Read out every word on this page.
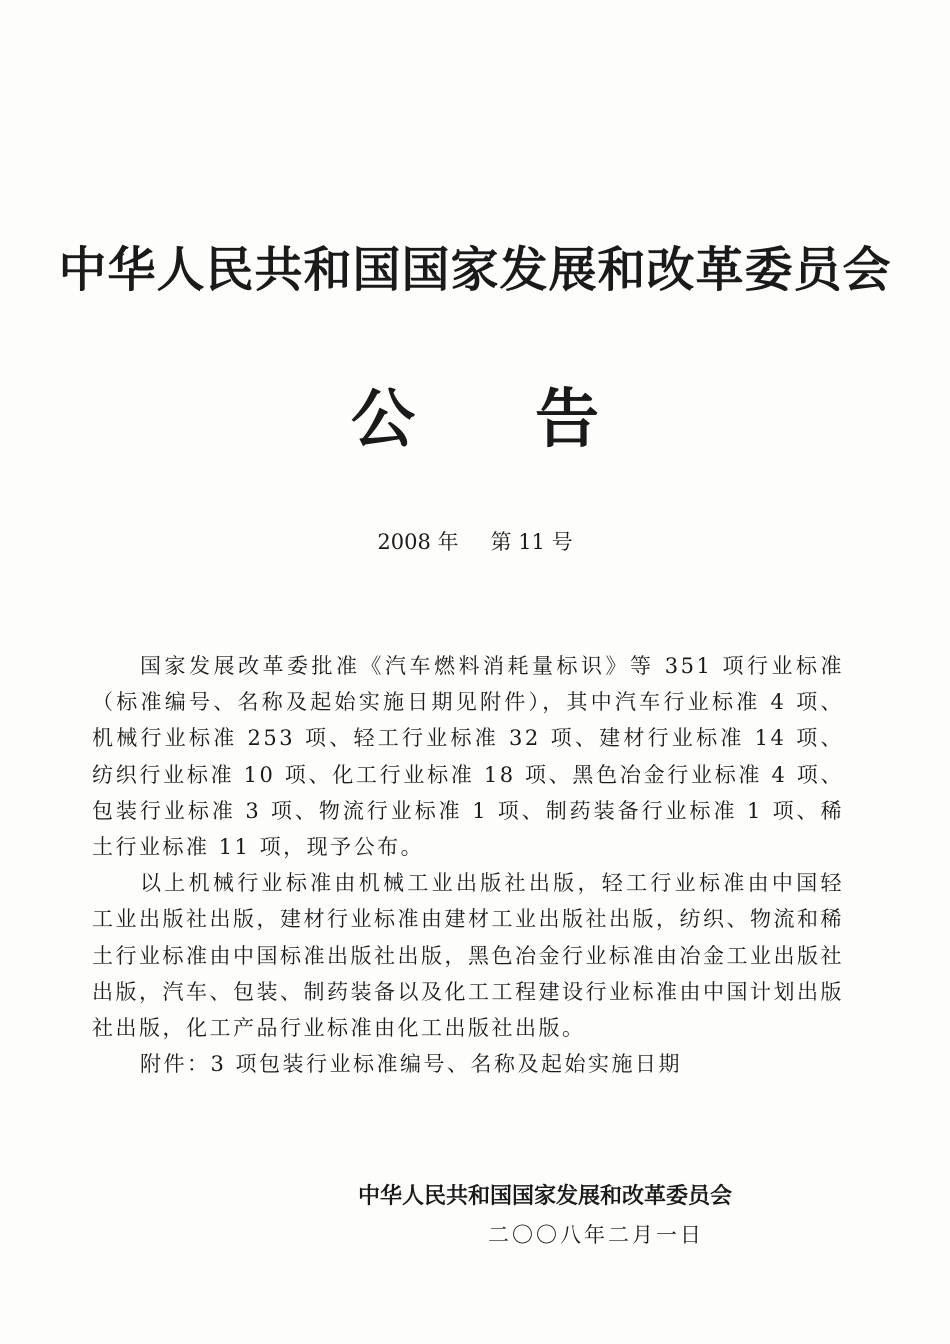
中华人民共和国国家发展和改革委员会
公告
2008 年 第 11 号

国家发展改革委批准《汽车燃料消耗量标识》等 351 项行业标准（标准编号、名称及起始实施日期见附件），其中汽车行业标准 4 项、机械行业标准 253 项、轻工行业标准 32 项、建材行业标准 14 项、纺织行业标准 10 项、化工行业标准 18 项、黑色冶金行业标准 4 项、包装行业标准 3 项、物流行业标准 1 项、制药装备行业标准 1 项、稀土行业标准 11 项，现予公布。

以上机械行业标准由机械工业出版社出版，轻工行业标准由中国轻工业出版社出版，建材行业标准由建材工业出版社出版，纺织、物流和稀土行业标准由中国标准出版社出版，黑色冶金行业标准由冶金工业出版社出版，汽车、包装、制药装备以及化工工程建设行业标准由中国计划出版社出版，化工产品行业标准由化工出版社出版。

附件：3 项包装行业标准编号、名称及起始实施日期

中华人民共和国国家发展和改革委员会
二〇〇八年二月一日
